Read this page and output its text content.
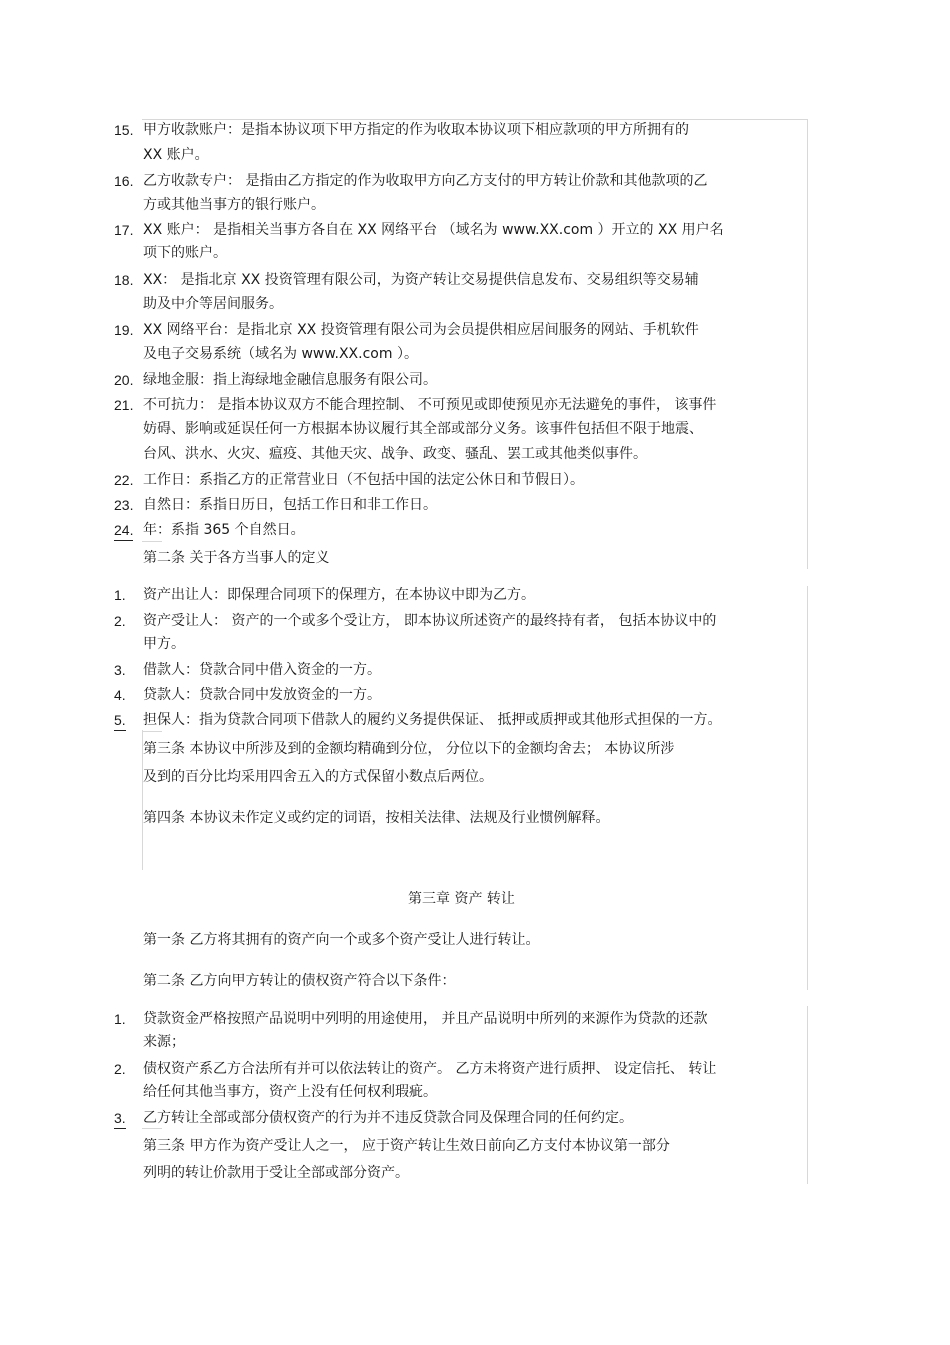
15. 甲方收款账户：是指本协议项下甲方指定的作为收取本协议项下相应款项的甲方所拥有的
XX 账户。
16. 乙方收款专户： 是指由乙方指定的作为收取甲方向乙方支付的甲方转让价款和其他款项的乙
方或其他当事方的银行账户。
17. XX 账户： 是指相关当事方各自在 XX 网络平台 （域名为 www.XX.com ）开立的 XX 用户名
项下的账户。
18. XX： 是指北京 XX 投资管理有限公司，为资产转让交易提供信息发布、交易组织等交易辅
助及中介等居间服务。
19. XX 网络平台：是指北京 XX 投资管理有限公司为会员提供相应居间服务的网站、手机软件
及电子交易系统（域名为 www.XX.com ）。
20. 绿地金服：指上海绿地金融信息服务有限公司。
21. 不可抗力： 是指本协议双方不能合理控制、 不可预见或即使预见亦无法避免的事件， 该事件
妨碍、影响或延误任何一方根据本协议履行其全部或部分义务。该事件包括但不限于地震、
台风、洪水、火灾、瘟疫、其他天灾、战争、政变、骚乱、罢工或其他类似事件。
22. 工作日：系指乙方的正常营业日（不包括中国的法定公休日和节假日）。
23. 自然日：系指日历日，包括工作日和非工作日。
24. 年：系指 365 个自然日。
第二条 关于各方当事人的定义
1. 资产出让人：即保理合同项下的保理方，在本协议中即为乙方。
2. 资产受让人： 资产的一个或多个受让方， 即本协议所述资产的最终持有者， 包括本协议中的
甲方。
3. 借款人：贷款合同中借入资金的一方。
4. 贷款人：贷款合同中发放资金的一方。
5. 担保人：指为贷款合同项下借款人的履约义务提供保证、 抵押或质押或其他形式担保的一方。
第三条 本协议中所涉及到的金额均精确到分位， 分位以下的金额均舍去； 本协议所涉
及到的百分比均采用四舍五入的方式保留小数点后两位。
第四条 本协议未作定义或约定的词语，按相关法律、法规及行业惯例解释。
第三章 资产 转让
第一条 乙方将其拥有的资产向一个或多个资产受让人进行转让。
第二条 乙方向甲方转让的债权资产符合以下条件：
1. 贷款资金严格按照产品说明中列明的用途使用， 并且产品说明中所列的来源作为贷款的还款
来源；
2. 债权资产系乙方合法所有并可以依法转让的资产。 乙方未将资产进行质押、 设定信托、 转让
给任何其他当事方，资产上没有任何权利瑕疵。
3. 乙方转让全部或部分债权资产的行为并不违反贷款合同及保理合同的任何约定。
第三条 甲方作为资产受让人之一， 应于资产转让生效日前向乙方支付本协议第一部分
列明的转让价款用于受让全部或部分资产。
